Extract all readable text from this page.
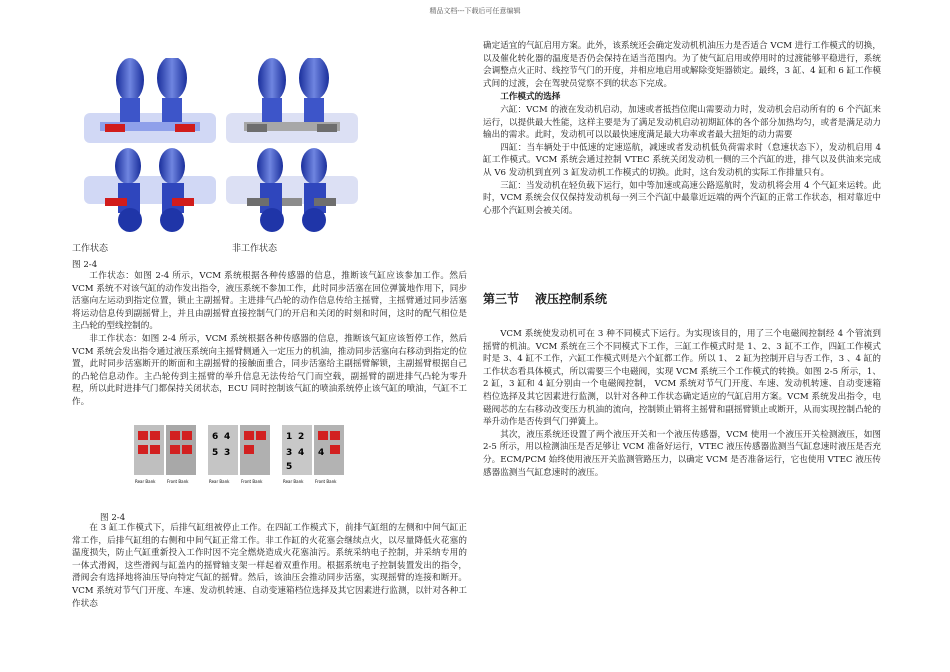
精品文档---下载后可任意编辑
工作状态	非工作状态
图 2-4

工作状态：如图 2-4 所示，VCM 系统根据各种传感器的信息，推断该气缸应该参加工作。然后 VCM 系统不对该气缸的动作发出指令，液压系统不参加工作，此时同步活塞在回位弹簧地作用下，同步活塞向左运动到指定位置，锁止主副摇臂。主进排气凸轮的动作信息传给主摇臂，主摇臂通过同步活塞将运动信息传到副摇臂上，并且由副摇臂直接控制气门的开启和关闭的时刻和时间，这时的配气相位是主凸轮的型线控制的。

非工作状态：如图 2-4 所示，VCM 系统根据各种传感器的信息，推断该气缸应该暂停工作，然后 VCM 系统会发出指令通过液压系统向主摇臂侧通入一定压力的机油，推动同步活塞向右移动到指定的位置，此时同步活塞断开的断面和主副摇臂的接触面重合，同步活塞给主副摇臂解锁，主副摇臂根据自己的凸轮信息动作。主凸轮传到主摇臂的举升信息无法传给气门而空载，副摇臂的副进排气凸轮为零升程，所以此时进排气门都保持关闭状态，ECU 同时控制该气缸的喷油系统停止该气缸的喷油，气缸不工作。

Rear Bank	Front Bank
6 4
5 3
Rear Bank	Front Bank
1 2
3 4
5
4
Rear Bank	Front Bank
图 2-4

在 3 缸工作模式下，后排气缸组被停止工作。在四缸工作模式下，前排气缸组的左侧和中间气缸正常工作，后排气缸组的右侧和中间气缸正常工作。非工作缸的火花塞会继续点火，以尽量降低火花塞的温度损失，防止气缸重新投入工作时因不完全燃烧造成火花塞油污。系统采纳电子控制，并采纳专用的一体式滑阀，这些滑阀与缸盖内的摇臂轴支架一样起着双重作用。根据系统电子控制装置发出的指令，滑阀会有选择地将油压导向特定气缸的摇臂。然后，该油压会推动同步活塞，实现摇臂的连接和断开。 VCM 系统对节气门开度、车速、发动机转速、自动变速箱档位选择及其它因素进行监测，以针对各种工作状态

确定适宜的气缸启用方案。此外，该系统还会确定发动机机油压力是否适合 VCM 进行工作模式的切换，以及催化转化器的温度是否仍会保持在适当范围内。为了使气缸启用或停用时的过渡能够平稳进行，系统会调整点火正时、线控节气门的开度，并相应地启用或解除变矩器锁定。最终，3 缸、4 缸和 6 缸工作模式间的过渡，会在驾驶员觉察不到的状态下完成。

工作模式的选择

六缸：VCM 的液在发动机启动，加速或者抵挡位爬山需要动力时，发动机会启动所有的 6 个汽缸来运行，以提供最大性能，这样主要是为了满足发动机启动初期缸体的各个部分加热均匀，或者是满足动力输出的需求。此时，发动机可以以最快速度满足最大功率或者最大扭矩的动力需要

四缸：当车辆处于中低速的定速巡航，减速或者发动机低负荷需求时（怠速状态下），发动机启用 4 缸工作模式。VCM 系统会通过控制 VTEC 系统关闭发动机一侧的三个汽缸的进，排气以及供油来完成从 V6 发动机到直列 3 缸发动机工作模式的切换。此时，这台发动机的实际工作排量只有。

三缸：当发动机在轻负载下运行，如中等加速或高速公路巡航时，发动机将会用 4 个气缸来运转。此时，VCM 系统会仅仅保持发动机每一列三个汽缸中最靠近远端的两个汽缸的正常工作状态，相对靠近中心那个汽缸则会被关闭。

第三节 液压控制系统

VCM 系统使发动机可在 3 种不同模式下运行。为实现该目的，用了三个电磁阀控制经 4 个管流到摇臂的机油。VCM 系统在三个不同模式下工作，三缸工作模式时是 1、2、3 缸不工作，四缸工作模式时是 3、4 缸不工作，六缸工作模式则是六个缸都工作。所以 1、 2 缸为控制开启与否工作，3 、4 缸的工作状态看具体模式，所以需要三个电磁阀，实现 VCM 系统三个工作模式的转换。如图 2-5 所示，1、 2 缸，3 缸和 4 缸分别由一个电磁阀控制， VCM 系统对节气门开度、车速、发动机转速、自动变速箱档位选择及其它因素进行监测，以针对各种工作状态确定适应的气缸启用方案。VCM 系统发出指令，电磁阀芯的左右移动改变压力机油的流向，控制锁止销将主摇臂和副摇臂锁止或断开，从而实现控制凸轮的举升动作是否传到气门弹簧上。

其次，液压系统还设置了两个液压开关和一个液压传感器，VCM 使用一个液压开关检测液压，如图 2-5 所示，用以检测油压是否足够让 VCM 准备好运行，VTEC 液压传感器监测当气缸怠速时液压是否充分。ECM/PCM 始终使用液压开关监测管路压力，以确定 VCM 是否准备运行，它也使用 VTEC 液压传感器监测当气缸怠速时的液压。
